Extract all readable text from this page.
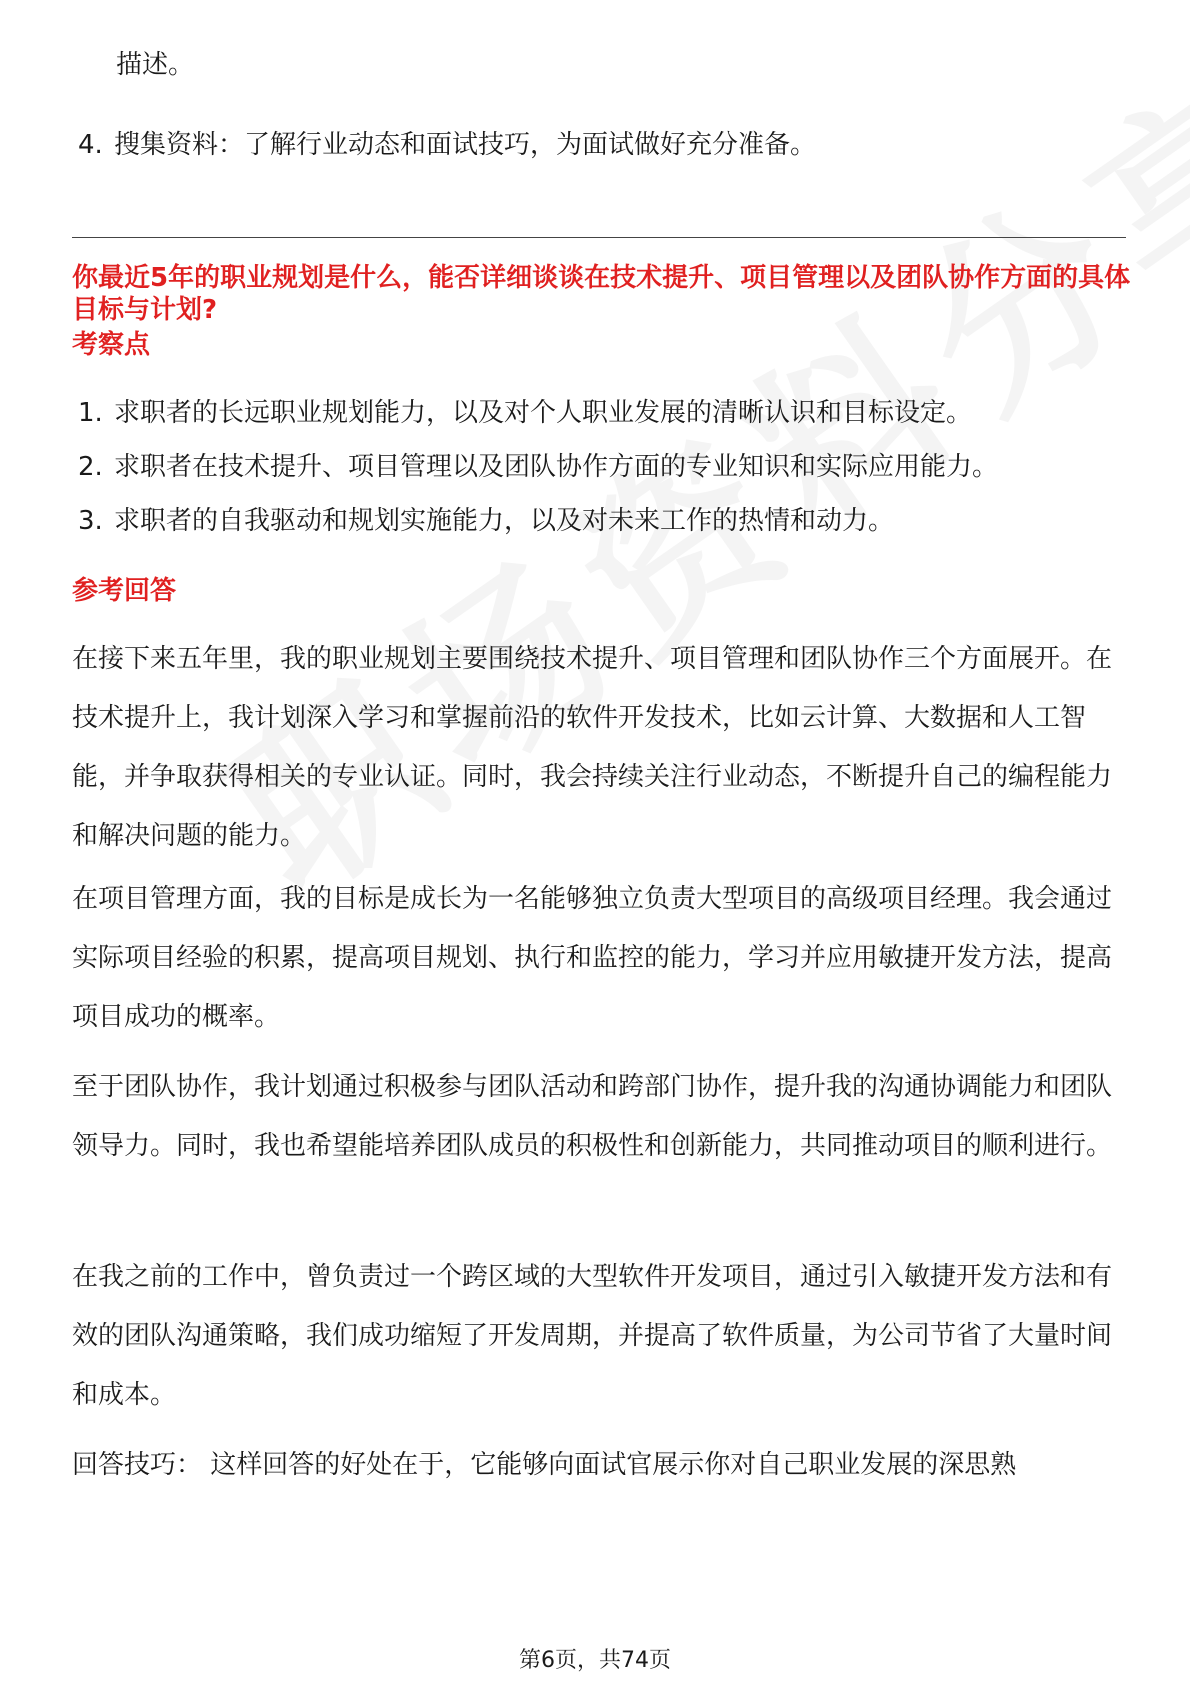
描述。
4. 搜集资料：了解行业动态和面试技巧，为面试做好充分准备。
你最近5年的职业规划是什么，能否详细谈谈在技术提升、项目管理以及团队协作方面的具体目标与计划?
考察点
1. 求职者的长远职业规划能力，以及对个人职业发展的清晰认识和目标设定。
2. 求职者在技术提升、项目管理以及团队协作方面的专业知识和实际应用能力。
3. 求职者的自我驱动和规划实施能力，以及对未来工作的热情和动力。
参考回答
在接下来五年里，我的职业规划主要围绕技术提升、项目管理和团队协作三个方面展开。在技术提升上，我计划深入学习和掌握前沿的软件开发技术，比如云计算、大数据和人工智能，并争取获得相关的专业认证。同时，我会持续关注行业动态，不断提升自己的编程能力和解决问题的能力。
在项目管理方面，我的目标是成长为一名能够独立负责大型项目的高级项目经理。我会通过实际项目经验的积累，提高项目规划、执行和监控的能力，学习并应用敏捷开发方法，提高项目成功的概率。
至于团队协作，我计划通过积极参与团队活动和跨部门协作，提升我的沟通协调能力和团队领导力。同时，我也希望能培养团队成员的积极性和创新能力，共同推动项目的顺利进行。
在我之前的工作中，曾负责过一个跨区域的大型软件开发项目，通过引入敏捷开发方法和有效的团队沟通策略，我们成功缩短了开发周期，并提高了软件质量，为公司节省了大量时间和成本。
回答技巧： 这样回答的好处在于，它能够向面试官展示你对自己职业发展的深思熟
第6页，共74页
